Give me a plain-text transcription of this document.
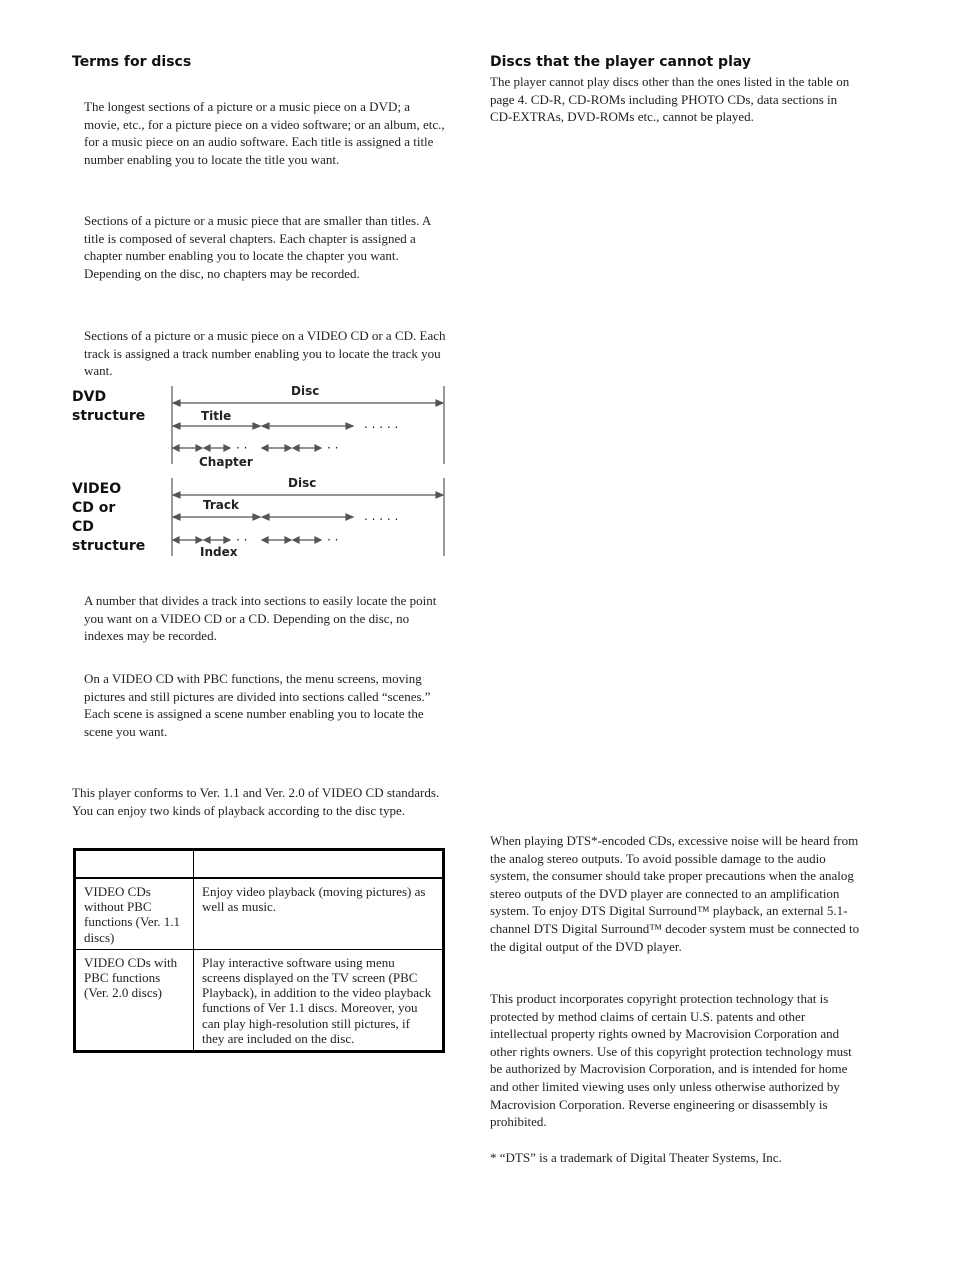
Terms for discs

The longest sections of a picture or a music piece on a DVD; a movie, etc., for a picture piece on a video software; or an album, etc., for a music piece on an audio software. Each title is assigned a title number enabling you to locate the title you want.

Sections of a picture or a music piece that are smaller than titles. A title is composed of several chapters. Each chapter is assigned a chapter number enabling you to locate the chapter you want. Depending on the disc, no chapters may be recorded.

Sections of a picture or a music piece on a VIDEO CD or a CD. Each track is assigned a track number enabling you to locate the track you want.

DVD
structure
Disc
Title
Chapter
. . . . .
· ·	· ·
VIDEO
CD or
CD
structure
Disc
Track
Index
. . . . .
· ·	· ·

A number that divides a track into sections to easily locate the point you want on a VIDEO CD or a CD. Depending on the disc, no indexes may be recorded.

On a VIDEO CD with PBC functions, the menu screens, moving pictures and still pictures are divided into sections called “scenes.” Each scene is assigned a scene number enabling you to locate the scene you want.

This player conforms to Ver. 1.1 and Ver. 2.0 of VIDEO CD standards. You can enjoy two kinds of playback according to the disc type.

VIDEO CDs without PBC functions (Ver. 1.1 discs)	Enjoy video playback (moving pictures) as well as music.
VIDEO CDs with PBC functions (Ver. 2.0 discs)	Play interactive software using menu screens displayed on the TV screen (PBC Playback), in addition to the video playback functions of Ver 1.1 discs. Moreover, you can play high-resolution still pictures, if they are included on the disc.
Discs that the player cannot play

The player cannot play discs other than the ones listed in the table on page 4. CD-R, CD-ROMs including PHOTO CDs, data sections in CD-EXTRAs, DVD-ROMs etc., cannot be played.

When playing DTS*-encoded CDs, excessive noise will be heard from the analog stereo outputs. To avoid possible damage to the audio system, the consumer should take proper precautions when the analog stereo outputs of the DVD player are connected to an amplification system. To enjoy DTS Digital Surround™ playback, an external 5.1-channel DTS Digital Surround™ decoder system must be connected to the digital output of the DVD player.

This product incorporates copyright protection technology that is protected by method claims of certain U.S. patents and other intellectual property rights owned by Macrovision Corporation and other rights owners. Use of this copyright protection technology must be authorized by Macrovision Corporation, and is intended for home and other limited viewing uses only unless otherwise authorized by Macrovision Corporation. Reverse engineering or disassembly is prohibited.

* “DTS” is a trademark of Digital Theater Systems, Inc.
